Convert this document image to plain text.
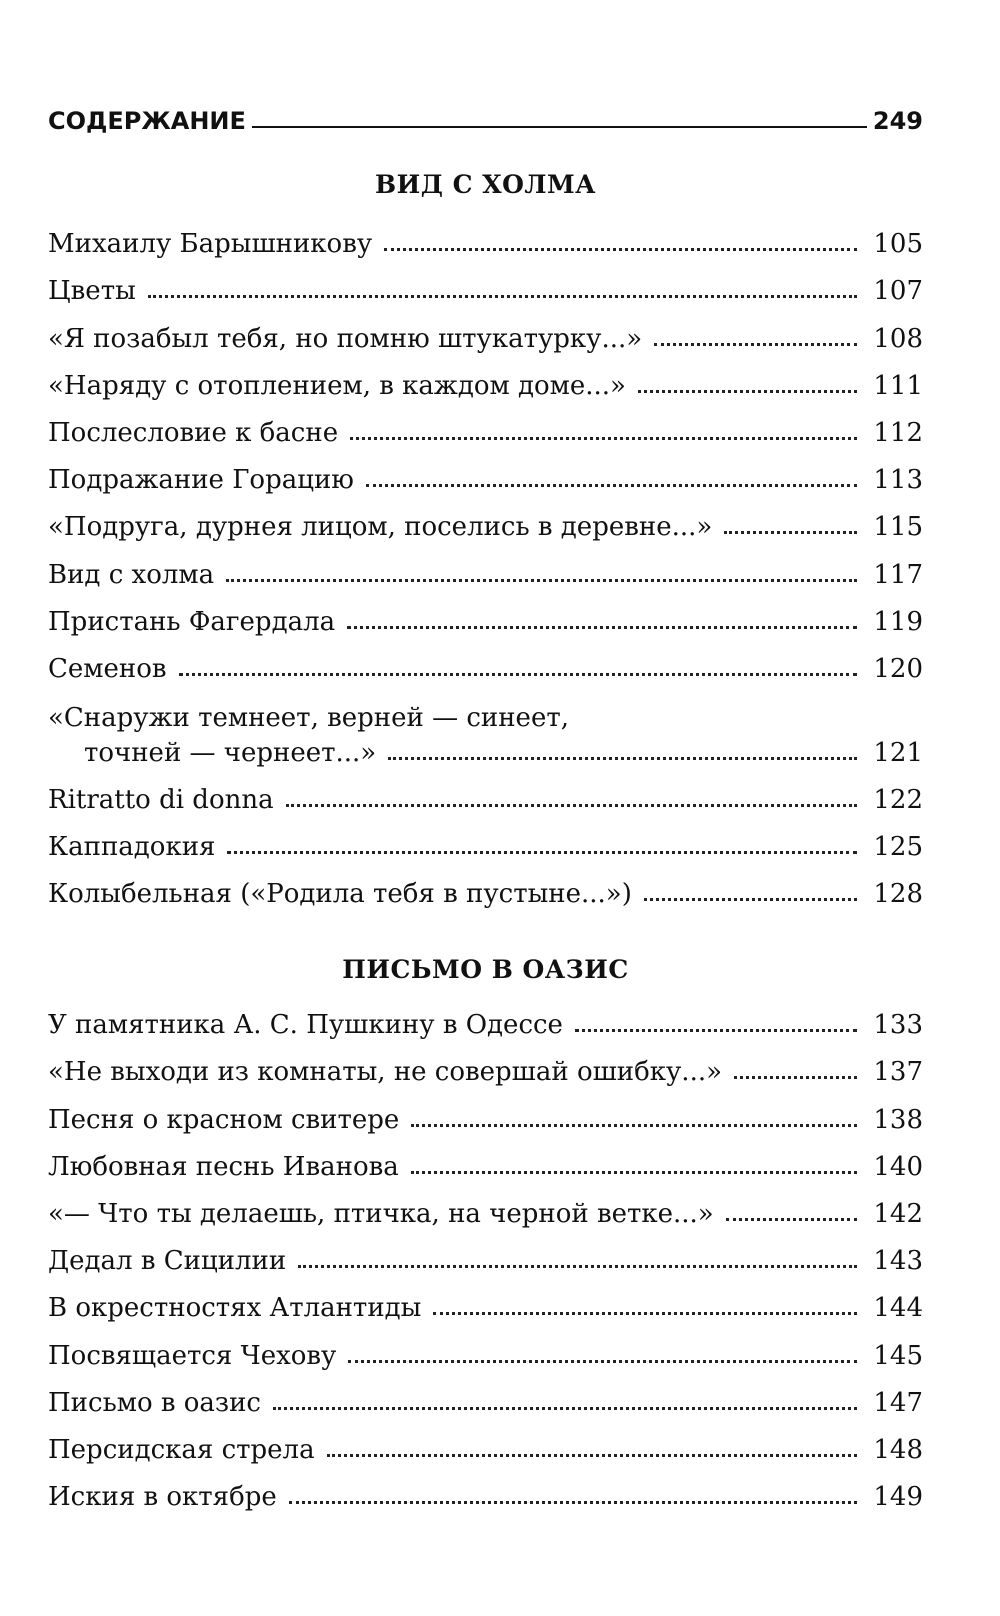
СОДЕРЖАНИЕ	249
ВИД С ХОЛМА
Михаилу Барышникову	105
Цветы	107
«Я позабыл тебя, но помню штукатурку...»	108
«Наряду с отоплением, в каждом доме...»	111
Послесловие к басне	112
Подражание Горацию	113
«Подруга, дурнея лицом, поселись в деревне...»	115
Вид с холма	117
Пристань Фагердала	119
Семенов	120
«Снаружи темнеет, верней — синеет,
точней — чернеет...»	121
Ritratto di donna	122
Каппадокия	125
Колыбельная («Родила тебя в пустыне...»)	128
ПИСЬМО В ОАЗИС
У памятника А. С. Пушкину в Одессе	133
«Не выходи из комнаты, не совершай ошибку...»	137
Песня о красном свитере	138
Любовная песнь Иванова	140
«— Что ты делаешь, птичка, на черной ветке...»	142
Дедал в Сицилии	143
В окрестностях Атлантиды	144
Посвящается Чехову	145
Письмо в оазис	147
Персидская стрела	148
Иския в октябре	149
